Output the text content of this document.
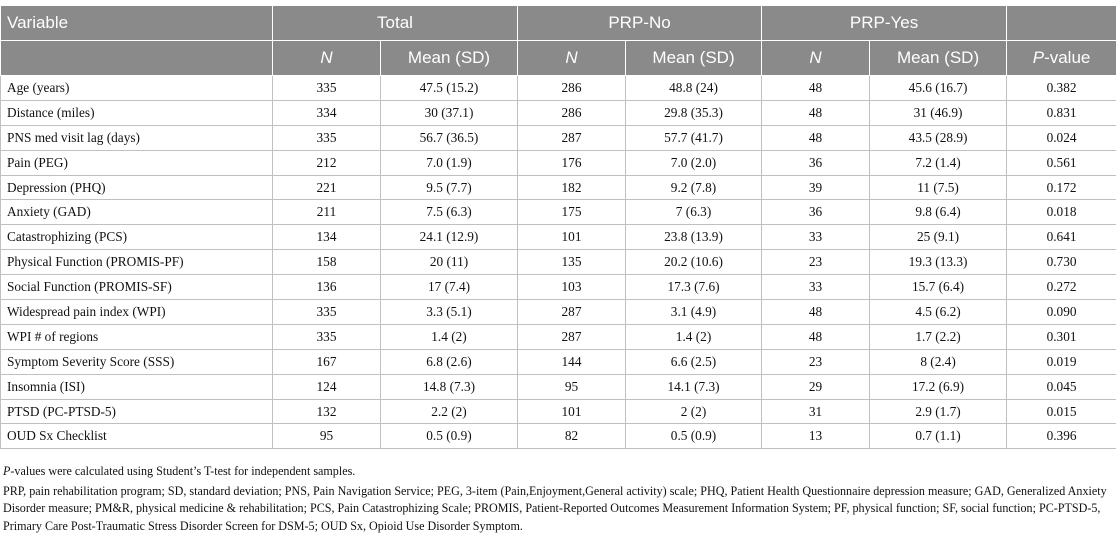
Variable	Total		PRP-No		PRP-Yes		
	N	Mean (SD)	N	Mean (SD)	N	Mean (SD)	P-value
Age (years)	335	47.5 (15.2)	286	48.8 (24)	48	45.6 (16.7)	0.382
Distance (miles)	334	30 (37.1)	286	29.8 (35.3)	48	31 (46.9)	0.831
PNS med visit lag (days)	335	56.7 (36.5)	287	57.7 (41.7)	48	43.5 (28.9)	0.024
Pain (PEG)	212	7.0 (1.9)	176	7.0 (2.0)	36	7.2 (1.4)	0.561
Depression (PHQ)	221	9.5 (7.7)	182	9.2 (7.8)	39	11 (7.5)	0.172
Anxiety (GAD)	211	7.5 (6.3)	175	7 (6.3)	36	9.8 (6.4)	0.018
Catastrophizing (PCS)	134	24.1 (12.9)	101	23.8 (13.9)	33	25 (9.1)	0.641
Physical Function (PROMIS-PF)	158	20 (11)	135	20.2 (10.6)	23	19.3 (13.3)	0.730
Social Function (PROMIS-SF)	136	17 (7.4)	103	17.3 (7.6)	33	15.7 (6.4)	0.272
Widespread pain index (WPI)	335	3.3 (5.1)	287	3.1 (4.9)	48	4.5 (6.2)	0.090
WPI # of regions	335	1.4 (2)	287	1.4 (2)	48	1.7 (2.2)	0.301
Symptom Severity Score (SSS)	167	6.8 (2.6)	144	6.6 (2.5)	23	8 (2.4)	0.019
Insomnia (ISI)	124	14.8 (7.3)	95	14.1 (7.3)	29	17.2 (6.9)	0.045
PTSD (PC-PTSD-5)	132	2.2 (2)	101	2 (2)	31	2.9 (1.7)	0.015
OUD Sx Checklist	95	0.5 (0.9)	82	0.5 (0.9)	13	0.7 (1.1)	0.396

P-values were calculated using Student’s T-test for independent samples.

PRP, pain rehabilitation program; SD, standard deviation; PNS, Pain Navigation Service; PEG, 3-item (Pain,Enjoyment,General activity) scale; PHQ, Patient Health Questionnaire depression measure; GAD, Generalized Anxiety Disorder measure; PM&R, physical medicine & rehabilitation; PCS, Pain Catastrophizing Scale; PROMIS, Patient-Reported Outcomes Measurement Information System; PF, physical function; SF, social function; PC-PTSD-5, Primary Care Post-Traumatic Stress Disorder Screen for DSM-5; OUD Sx, Opioid Use Disorder Symptom.
